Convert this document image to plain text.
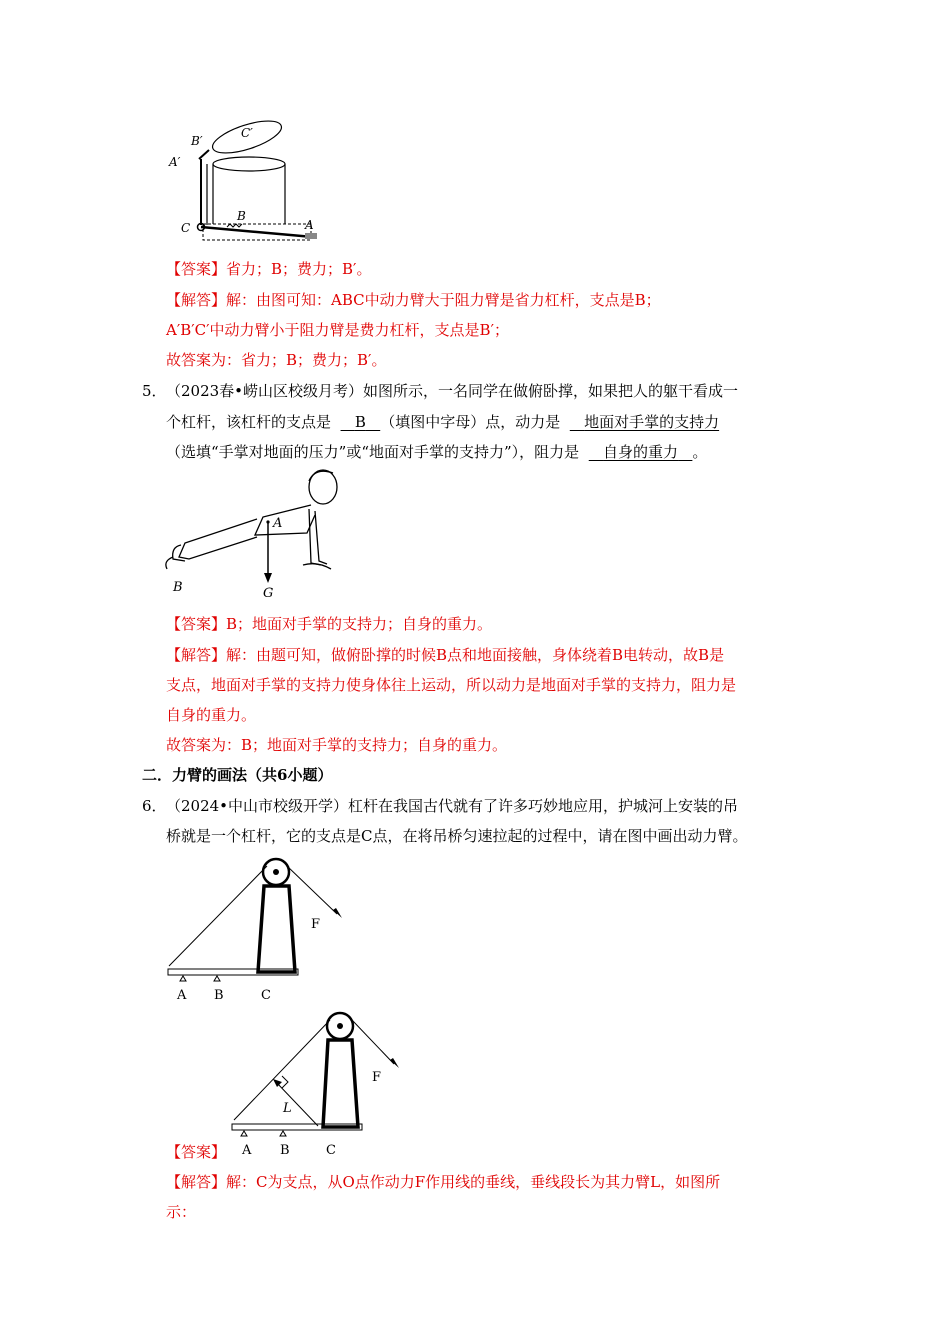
B′
C′
A′
C
B
A
【答案】省力；B；费力；B′。
【解答】解：由图可知：ABC中动力臂大于阻力臂是省力杠杆，支点是B；
A′B′C′中动力臂小于阻力臂是费力杠杆，支点是B′；
故答案为：省力；B；费力；B′。
5． （2023春•崂山区校级月考）如图所示，一名同学在做俯卧撑，如果把人的躯干看成一
个杠杆，该杠杆的支点是 B （填图中字母）点，动力是 地面对手掌的支持力
（选填“手掌对地面的压力”或“地面对手掌的支持力”），阻力是 自身的重力 。
A
B	G
【答案】B；地面对手掌的支持力；自身的重力。
【解答】解：由题可知，做俯卧撑的时候B点和地面接触，身体绕着B电转动，故B是
支点，地面对手掌的支持力使身体往上运动，所以动力是地面对手掌的支持力，阻力是
自身的重力。
故答案为：B；地面对手掌的支持力；自身的重力。
二．力臂的画法（共6小题）
6． （2024•中山市校级开学）杠杆在我国古代就有了许多巧妙地应用，护城河上安装的吊
桥就是一个杠杆，它的支点是C点，在将吊桥匀速拉起的过程中，请在图中画出动力臂。
F
A B	C
F
L
A B	C
【答案】
【解答】解：C为支点，从O点作动力F作用线的垂线，垂线段长为其力臂L，如图所
示：
